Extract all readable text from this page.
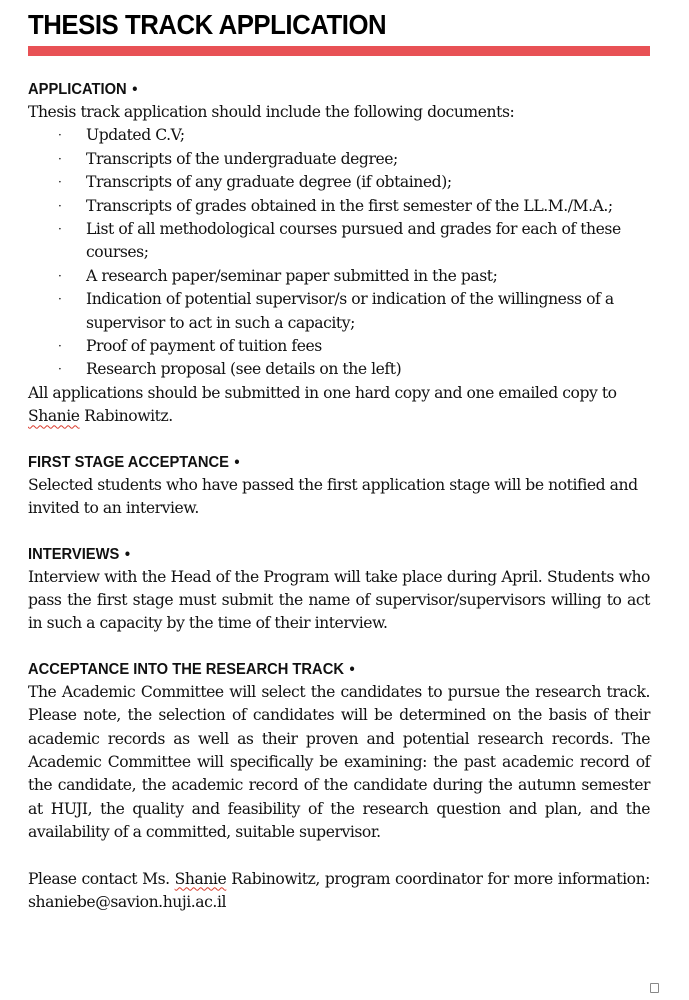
THESIS TRACK APPLICATION
APPLICATION •

Thesis track application should include the following documents:

· Updated C.V;
· Transcripts of the undergraduate degree;
· Transcripts of any graduate degree (if obtained);
· Transcripts of grades obtained in the first semester of the LL.M./M.A.;
· List of all methodological courses pursued and grades for each of these courses;
· A research paper/seminar paper submitted in the past;
· Indication of potential supervisor/s or indication of the willingness of a supervisor to act in such a capacity;
· Proof of payment of tuition fees
· Research proposal (see details on the left)

All applications should be submitted in one hard copy and one emailed copy to Shanie Rabinowitz.

FIRST STAGE ACCEPTANCE •

Selected students who have passed the first application stage will be notified and invited to an interview.

INTERVIEWS •

Interview with the Head of the Program will take place during April. Students who pass the first stage must submit the name of supervisor/supervisors willing to act in such a capacity by the time of their interview.

ACCEPTANCE INTO THE RESEARCH TRACK •

The Academic Committee will select the candidates to pursue the research track. Please note, the selection of candidates will be determined on the basis of their academic records as well as their proven and potential research records. The Academic Committee will specifically be examining: the past academic record of the candidate, the academic record of the candidate during the autumn semester at HUJI, the quality and feasibility of the research question and plan, and the availability of a committed, suitable supervisor.

Please contact Ms. Shanie Rabinowitz, program coordinator for more information: shaniebe@savion.huji.ac.il
